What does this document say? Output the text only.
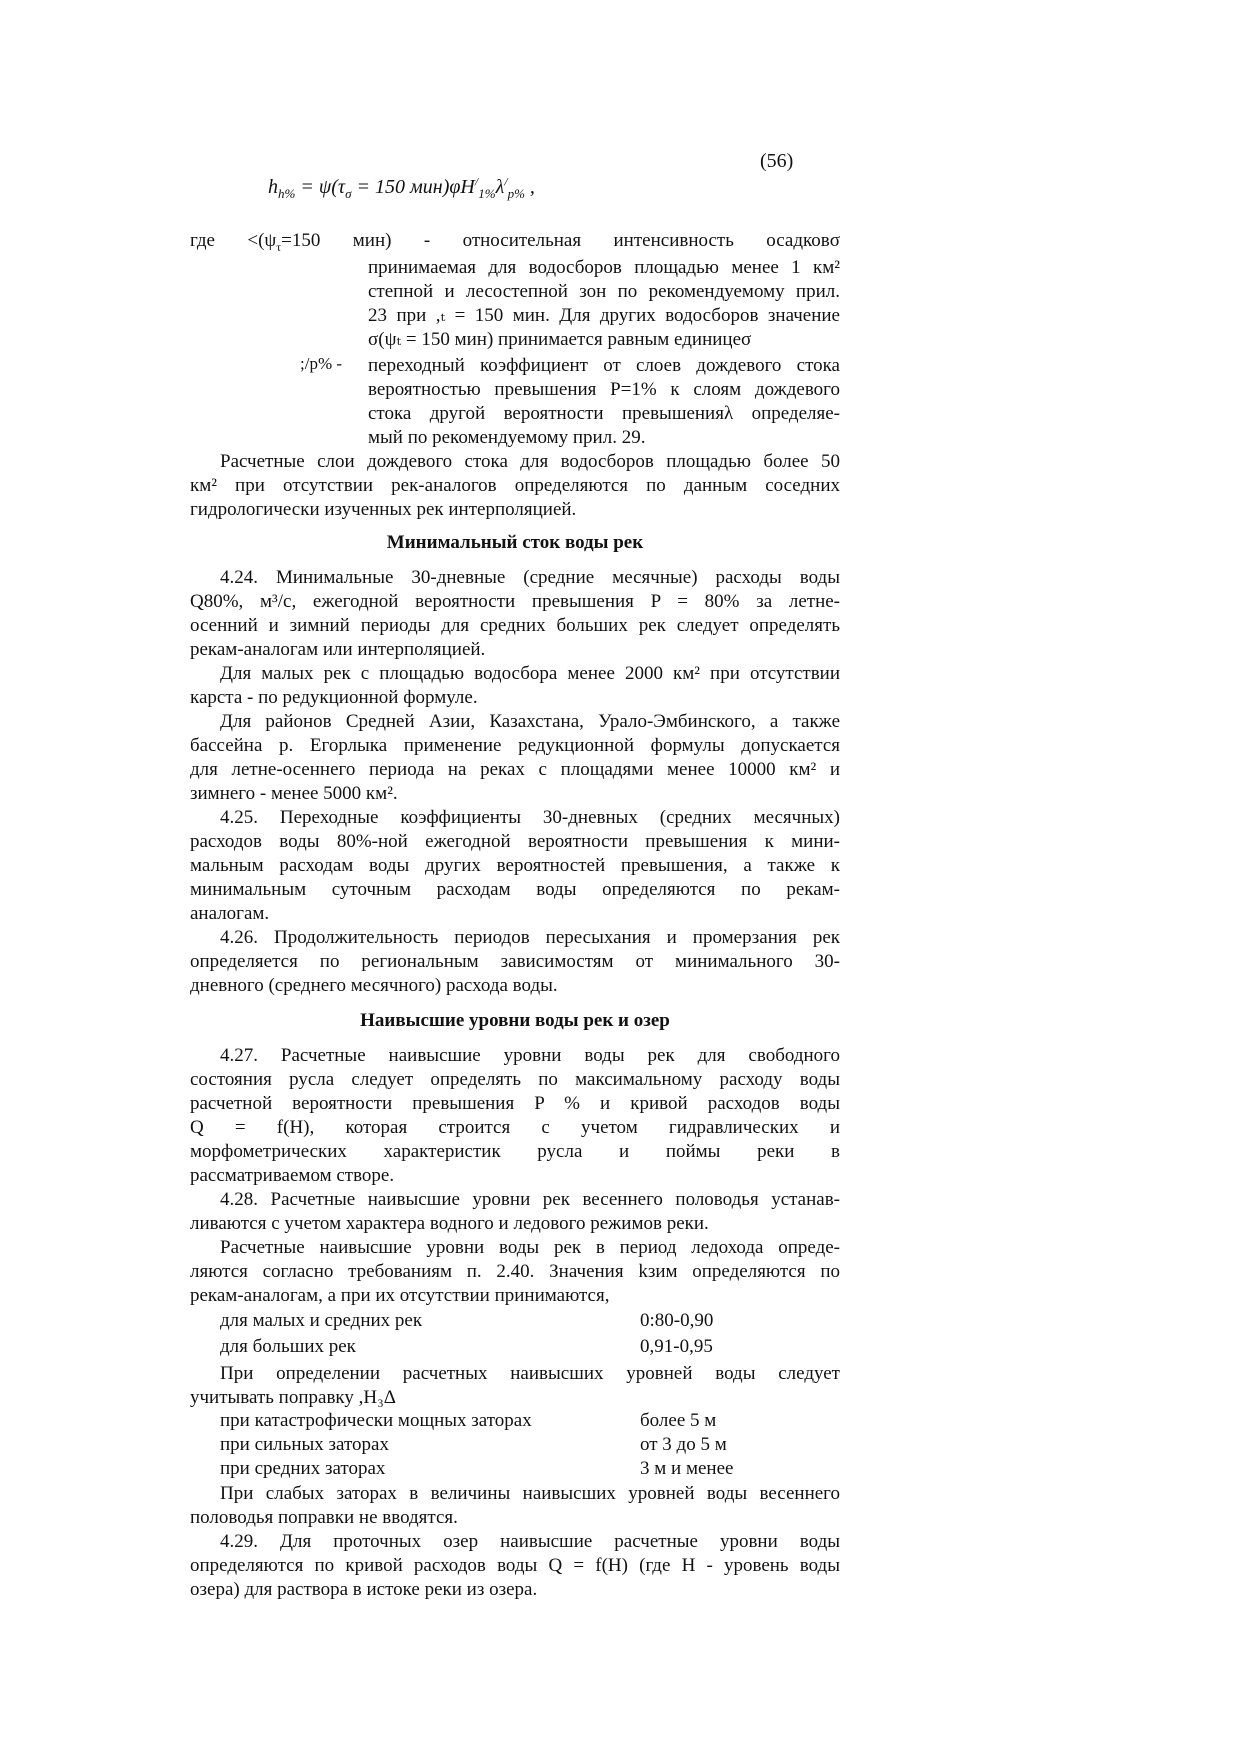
(56)
$h_{h\%} = \psi(\tau_\sigma = 150$ $мин)\varphi H^/_{1\%}\lambda^/_{p\%}$ ,
где $<(\psi_\tau=150$ мин) - относительная интенсивность осадковσ
принимаемая для водосборов площадью менее 1 км²
степной и лесостепной зон по рекомендуемому прил.
23 при ,ₜ = 150 мин. Для других водосборов значение
σ(ψₜ = 150 мин) принимается равным единицеσ
;/p% - переходный коэффициент от слоев дождевого стока
вероятностью превышения P=1% к слоям дождевого
стока другой вероятности превышенияλ определяе-
мый по рекомендуемому прил. 29.
Расчетные слои дождевого стока для водосборов площадью более 50
км² при отсутствии рек-аналогов определяются по данным соседних
гидрологически изученных рек интерполяцией.
Минимальный сток воды рек
4.24. Минимальные 30-дневные (средние месячные) расходы воды
Q80%, м³/с, ежегодной вероятности превышения P = 80% за летне-
осенний и зимний периоды для средних больших рек следует определять
рекам-аналогам или интерполяцией.
Для малых рек с площадью водосбора менее 2000 км² при отсутствии
карста - по редукционной формуле.
Для районов Средней Азии, Казахстана, Урало-Эмбинского, а также
бассейна р. Егорлыка применение редукционной формулы допускается
для летне-осеннего периода на реках с площадями менее 10000 км² и
зимнего - менее 5000 км².
4.25. Переходные коэффициенты 30-дневных (средних месячных)
расходов воды 80%-ной ежегодной вероятности превышения к мини-
мальным расходам воды других вероятностей превышения, а также к
минимальным суточным расходам воды определяются по рекам-
аналогам.
4.26. Продолжительность периодов пересыхания и промерзания рек
определяется по региональным зависимостям от минимального 30-
дневного (среднего месячного) расхода воды.
Наивысшие уровни воды рек и озер
4.27. Расчетные наивысшие уровни воды рек для свободного
состояния русла следует определять по максимальному расходу воды
расчетной вероятности превышения P % и кривой расходов воды
Q = f(H), которая строится с учетом гидравлических и
морфометрических характеристик русла и поймы реки в
рассматриваемом створе.
4.28. Расчетные наивысшие уровни рек весеннего половодья устанав-
ливаются с учетом характера водного и ледового режимов реки.
Расчетные наивысшие уровни воды рек в период ледохода опреде-
ляются согласно требованиям п. 2.40. Значения kзим определяются по
рекам-аналогам, а при их отсутствии принимаются,
для малых и средних рек	0:80-0,90
для больших рек	0,91-0,95
При определении расчетных наивысших уровней воды следует
учитывать поправку ,H₃Δ
при катастрофически мощных заторах	более 5 м
при сильных заторах	от 3 до 5 м
при средних заторах	3 м и менее
При слабых заторах в величины наивысших уровней воды весеннего
половодья поправки не вводятся.
4.29. Для проточных озер наивысшие расчетные уровни воды
определяются по кривой расходов воды Q = f(H) (где H - уровень воды
озера) для раствора в истоке реки из озера.
